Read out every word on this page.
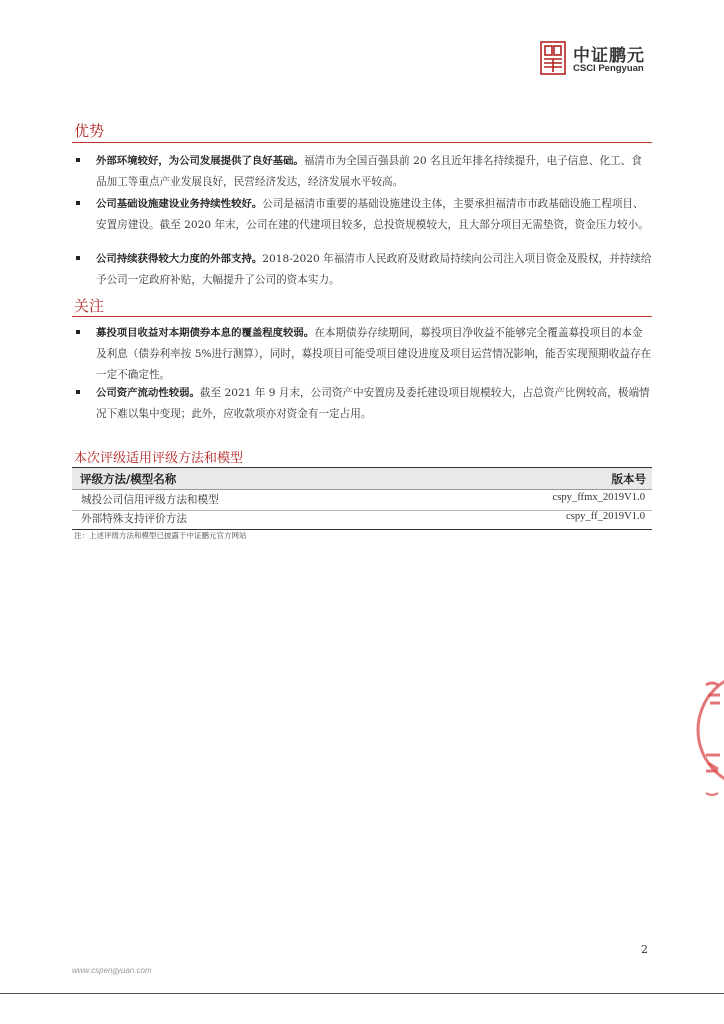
中证鹏元
CSCI Pengyuan
优势
外部环境较好，为公司发展提供了良好基础。福清市为全国百强县前 20 名且近年排名持续提升，电子信息、化工、食品加工等重点产业发展良好，民营经济发达，经济发展水平较高。
公司基础设施建设业务持续性较好。公司是福清市重要的基础设施建设主体，主要承担福清市市政基础设施工程项目、安置房建设。截至 2020 年末，公司在建的代建项目较多，总投资规模较大，且大部分项目无需垫资，资金压力较小。
公司持续获得较大力度的外部支持。2018-2020 年福清市人民政府及财政局持续向公司注入项目资金及股权，并持续给予公司一定政府补贴，大幅提升了公司的资本实力。
关注
募投项目收益对本期债券本息的覆盖程度较弱。在本期债券存续期间，募投项目净收益不能够完全覆盖募投项目的本金及利息（债券利率按 5%进行测算），同时，募投项目可能受项目建设进度及项目运营情况影响，能否实现预期收益存在一定不确定性。
公司资产流动性较弱。截至 2021 年 9 月末，公司资产中安置房及委托建设项目规模较大，占总资产比例较高，极端情况下难以集中变现；此外，应收款项亦对资金有一定占用。
本次评级适用评级方法和模型
评级方法/模型名称	版本号
城投公司信用评级方法和模型	cspy_ffmx_2019V1.0
外部特殊支持评价方法	cspy_ff_2019V1.0
注：上述评级方法和模型已披露于中证鹏元官方网站
2
www.cspengyuan.com
